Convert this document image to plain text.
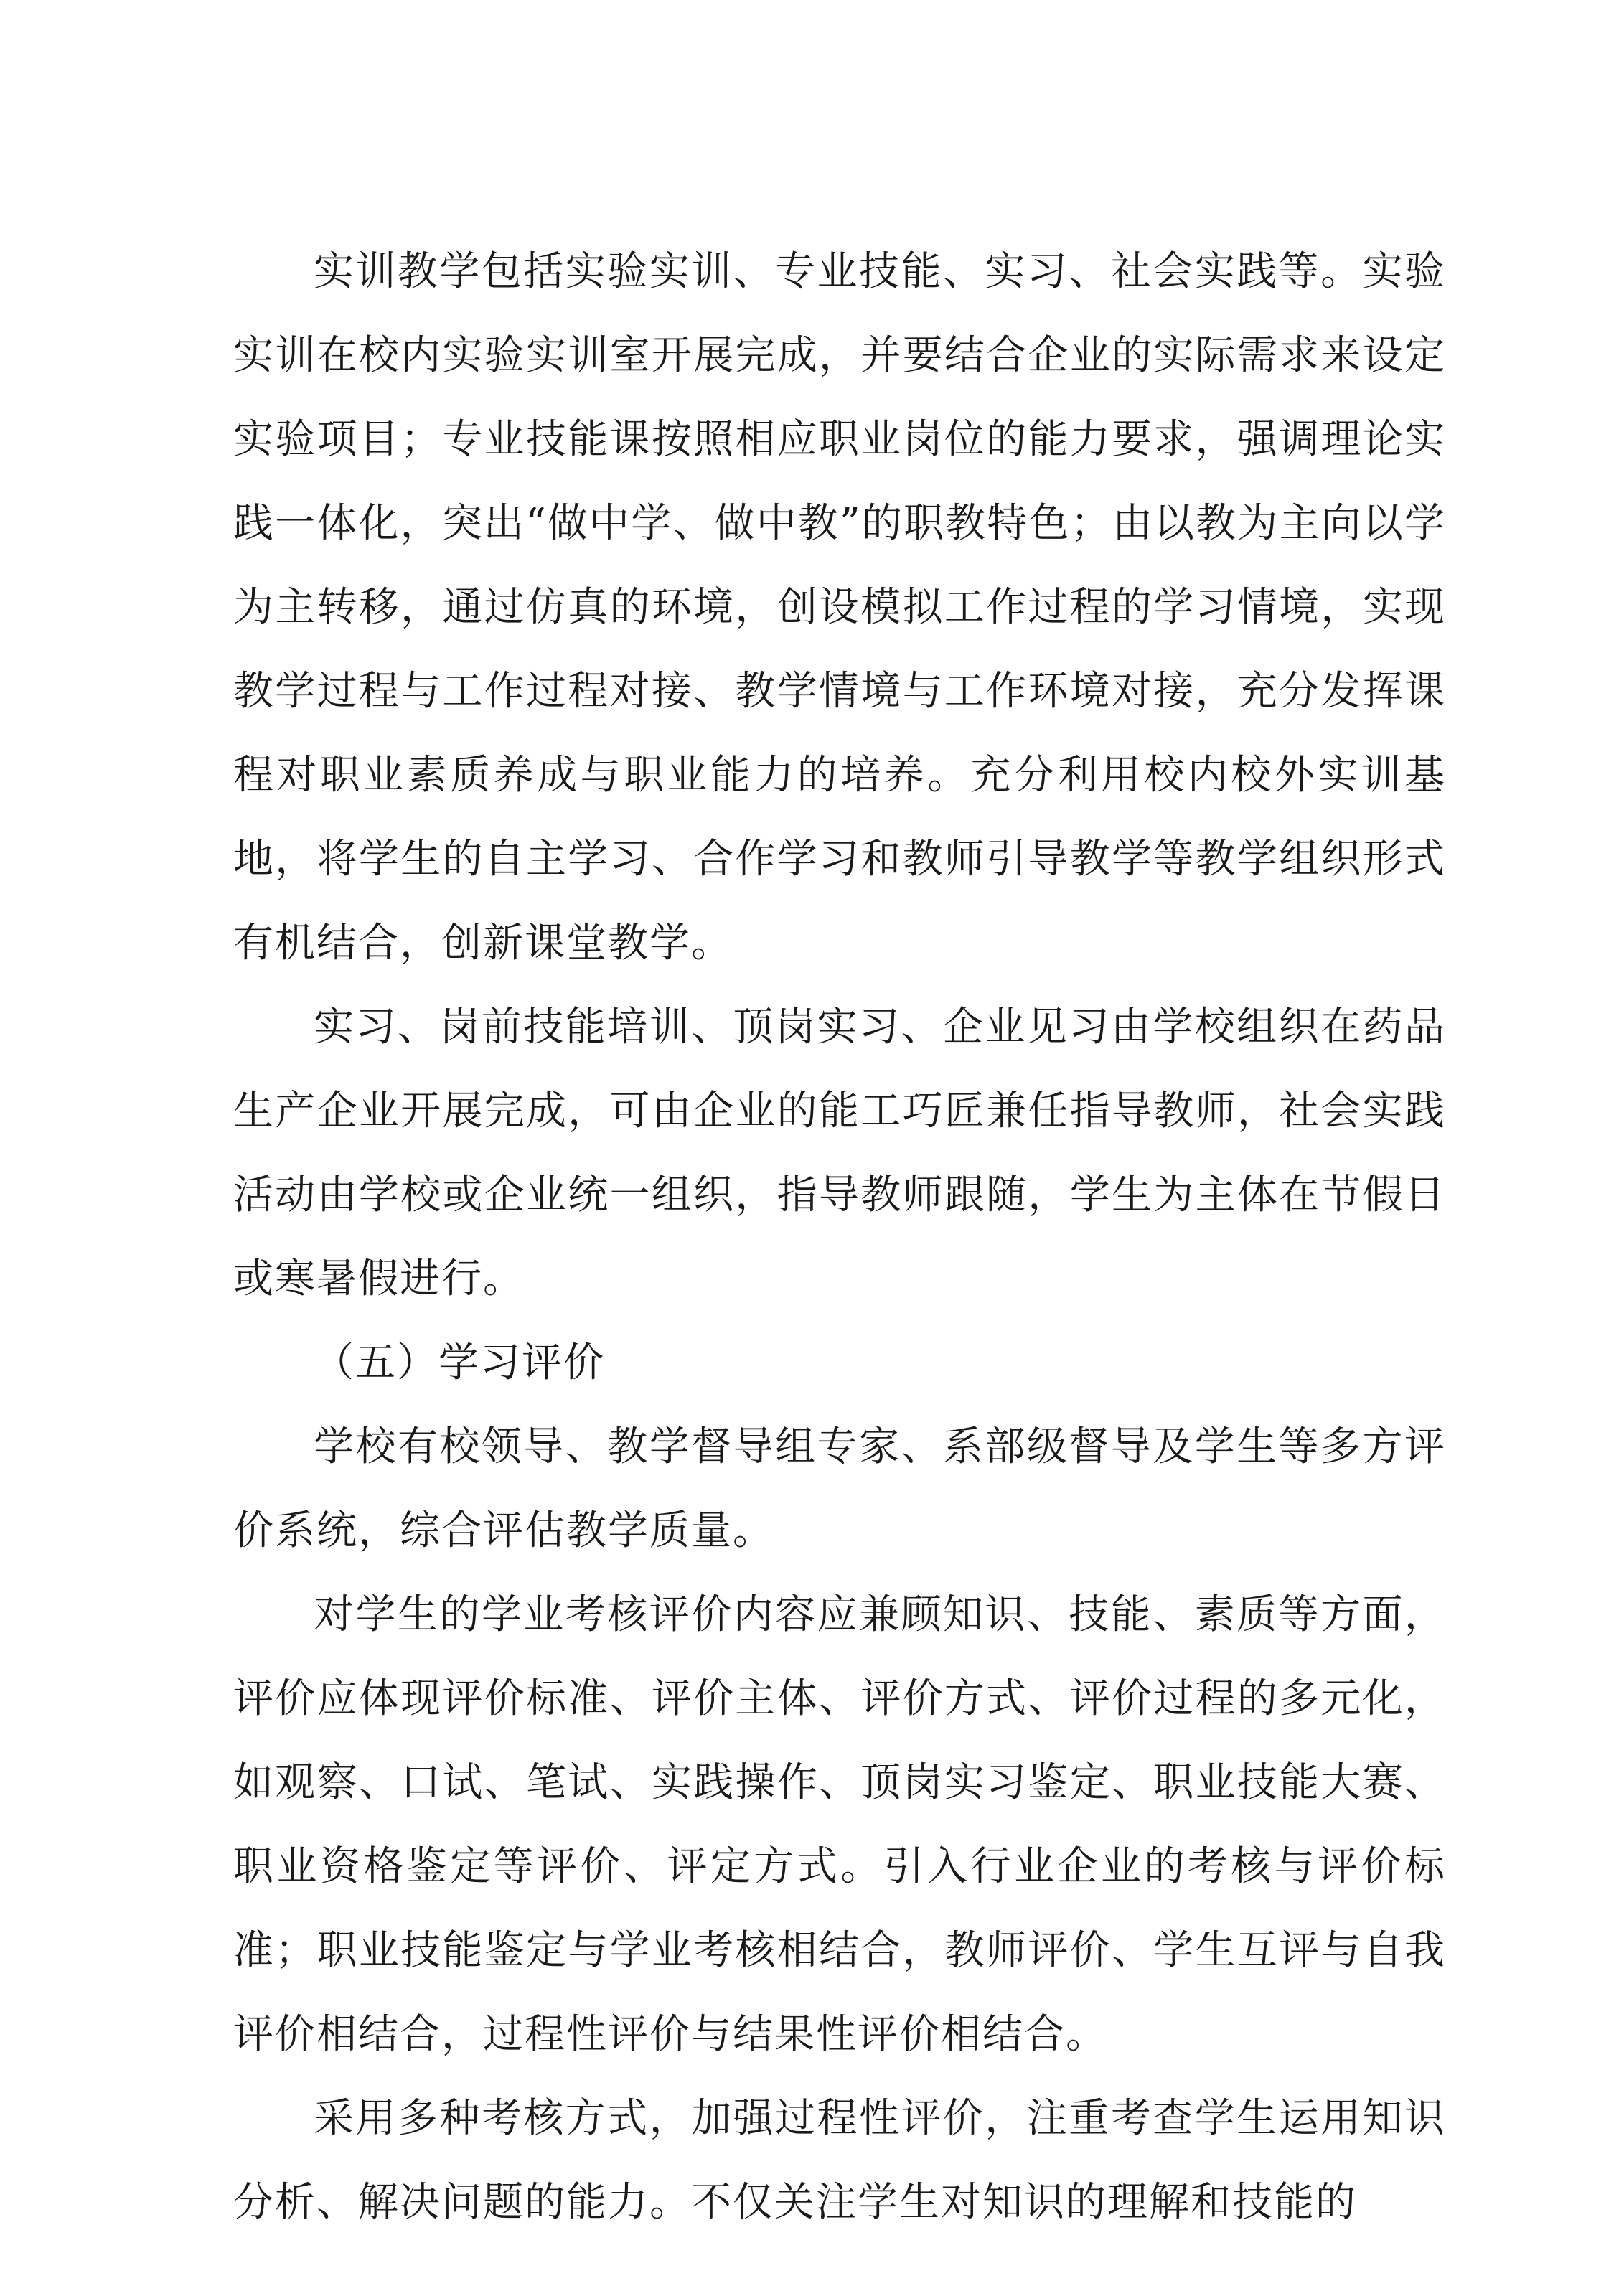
实训教学包括实验实训、专业技能、实习、社会实践等。实验实训在校内实验实训室开展完成，并要结合企业的实际需求来设定实验项目；专业技能课按照相应职业岗位的能力要求，强调理论实践一体化，突出“做中学、做中教”的职教特色；由以教为主向以学为主转移，通过仿真的环境，创设模拟工作过程的学习情境，实现教学过程与工作过程对接、教学情境与工作环境对接，充分发挥课程对职业素质养成与职业能力的培养。充分利用校内校外实训基地，将学生的自主学习、合作学习和教师引导教学等教学组织形式有机结合，创新课堂教学。

实习、岗前技能培训、顶岗实习、企业见习由学校组织在药品生产企业开展完成，可由企业的能工巧匠兼任指导教师，社会实践活动由学校或企业统一组织，指导教师跟随，学生为主体在节假日或寒暑假进行。

（五）学习评价

学校有校领导、教学督导组专家、系部级督导及学生等多方评价系统，综合评估教学质量。

对学生的学业考核评价内容应兼顾知识、技能、素质等方面，评价应体现评价标准、评价主体、评价方式、评价过程的多元化，如观察、口试、笔试、实践操作、顶岗实习鉴定、职业技能大赛、职业资格鉴定等评价、评定方式。引入行业企业的考核与评价标准；职业技能鉴定与学业考核相结合，教师评价、学生互评与自我评价相结合，过程性评价与结果性评价相结合。

采用多种考核方式，加强过程性评价，注重考查学生运用知识分析、解决问题的能力。不仅关注学生对知识的理解和技能的
